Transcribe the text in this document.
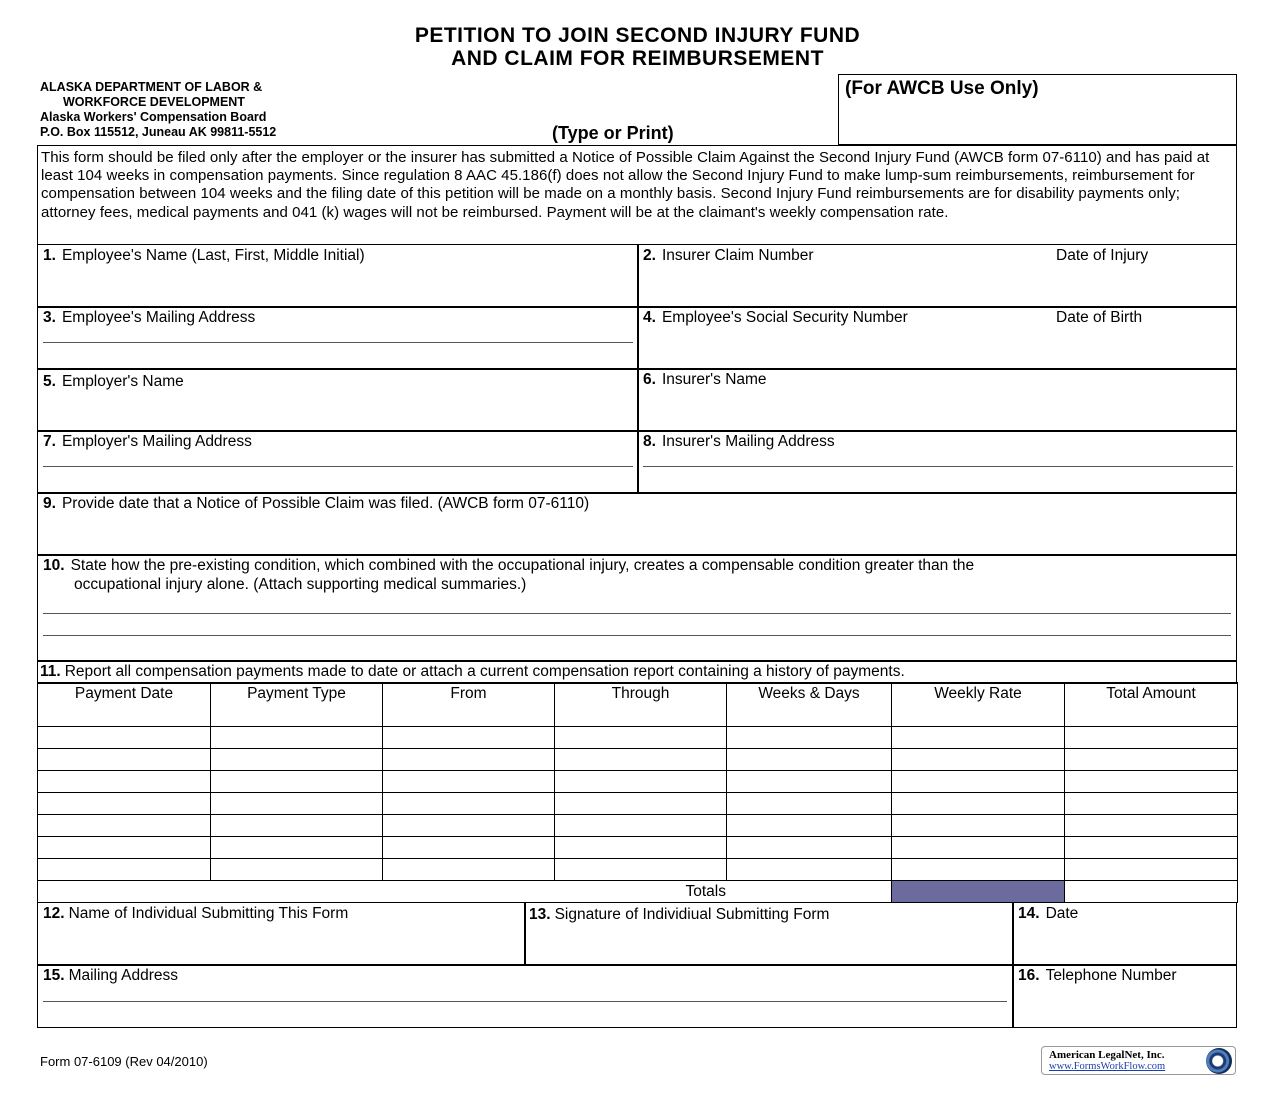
PETITION TO JOIN SECOND INJURY FUND
AND CLAIM FOR REIMBURSEMENT
ALASKA DEPARTMENT OF LABOR &
WORKFORCE DEVELOPMENT
Alaska Workers' Compensation Board
P.O. Box 115512, Juneau AK 99811-5512
(For AWCB Use Only)
(Type or Print)
This form should be filed only after the employer or the insurer has submitted a Notice of Possible Claim Against the Second Injury Fund (AWCB form 07-6110) and has paid at least 104 weeks in compensation payments. Since regulation 8 AAC 45.186(f) does not allow the Second Injury Fund to make lump-sum reimbursements, reimbursement for compensation between 104 weeks and the filing date of this petition will be made on a monthly basis. Second Injury Fund reimbursements are for disability payments only; attorney fees, medical payments and 041 (k) wages will not be reimbursed. Payment will be at the claimant's weekly compensation rate.
1. Employee's Name (Last, First, Middle Initial)	2. Insurer Claim Number	Date of Injury
3. Employee's Mailing Address	4. Employee's Social Security Number	Date of Birth
5. Employer's Name	6. Insurer's Name
7. Employer's Mailing Address	8. Insurer's Mailing Address
9. Provide date that a Notice of Possible Claim was filed. (AWCB form 07-6110)
10. State how the pre-existing condition, which combined with the occupational injury, creates a compensable condition greater than the
occupational injury alone. (Attach supporting medical summaries.)
11. Report all compensation payments made to date or attach a current compensation report containing a history of payments.
Payment Date	Payment Type	From	Through	Weeks & Days	Weekly Rate	Total Amount

Totals						
12. Name of Individual Submitting This Form	13. Signature of Individiual Submitting Form	14. Date
15. Mailing Address	16. Telephone Number
Form 07-6109 (Rev 04/2010)	American LegalNet, Inc.
www.FormsWorkFlow.com
